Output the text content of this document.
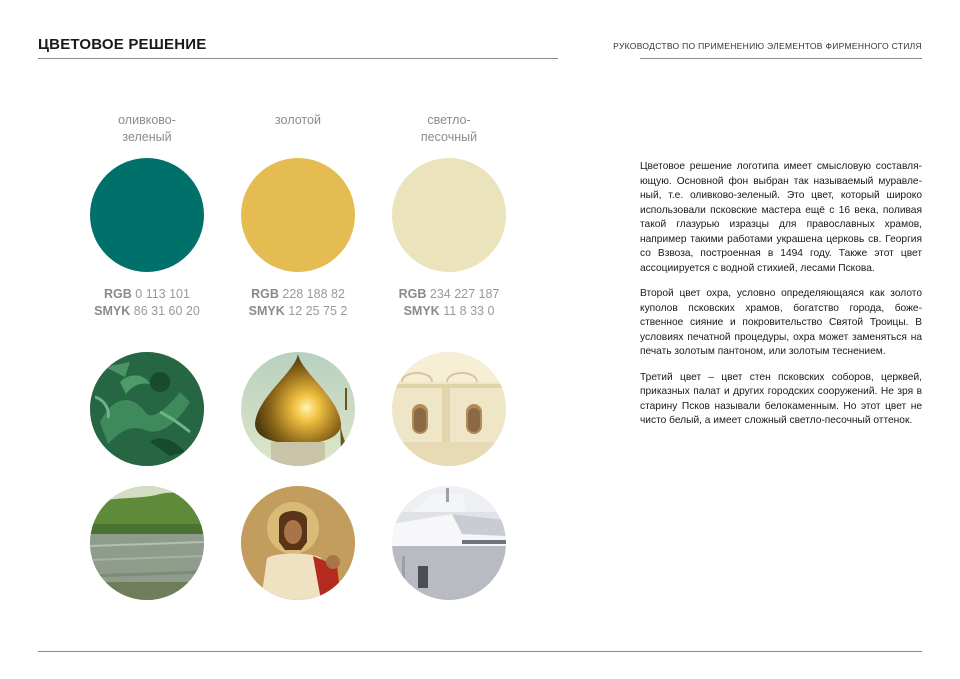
ЦВЕТОВОЕ РЕШЕНИЕ	РУКОВОДСТВО ПО ПРИМЕНЕНИЮ ЭЛЕМЕНТОВ ФИРМЕННОГО СТИЛЯ
оливково-
зеленый
RGB 0 113 101
SMYK 86 31 60 20
золотой
RGB 228 188 82
SMYK 12 25 75 2
светло-
песочный
RGB 234 227 187
SMYK 11 8 33 0

Цветовое решение логотипа имеет смысловую составляющую. Основной фон выбран так называемый муравленый, т.е. оливково-зеленый. Это цвет, который широко использовали псковские мастера ещё с 16 века, поливая такой глазурью изразцы для православных храмов, например такими работами украшена церковь св. Георгия со Взвоза, построенная в 1494 году. Также этот цвет ассоциируется с водной стихией, лесами Пскова.

Второй цвет охра, условно определяющаяся как золото куполов псковских храмов, богатство города, божественное сияние и покровительство Святой Троицы. В условиях печатной процедуры, охра может заменяться на печать золотым пантоном, или золотым теснением.

Третий цвет – цвет стен псковских соборов, церквей, приказных палат и других городских сооружений. Не зря в старину Псков называли белокаменным. Но этот цвет не чисто белый, а имеет сложный светло-песочный оттенок.
